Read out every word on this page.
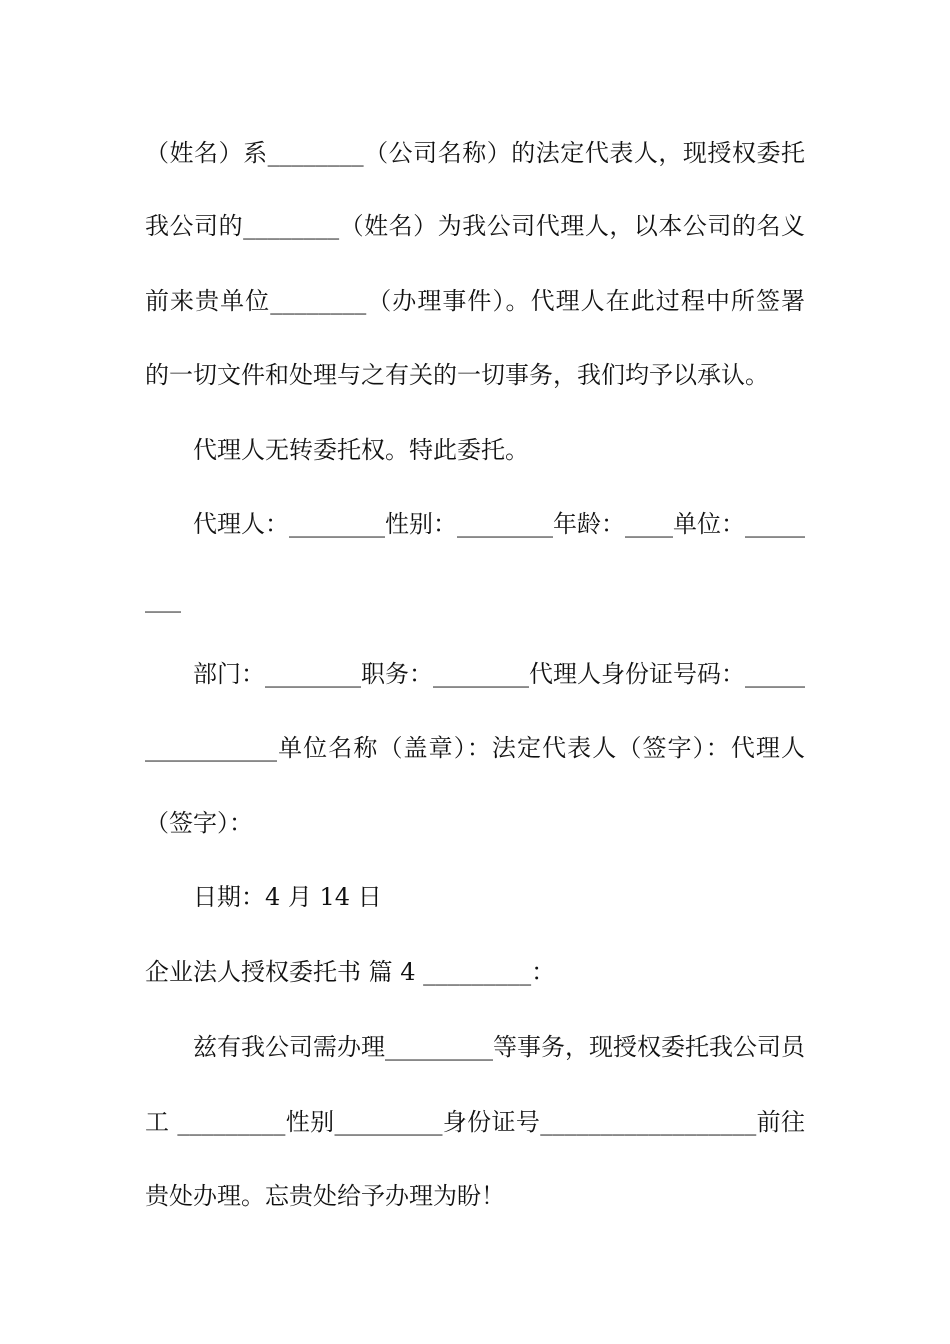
（姓名）系________（公司名称）的法定代表人，现授权委托
我公司的________（姓名）为我公司代理人，以本公司的名义
前来贵单位________（办理事件）。代理人在此过程中所签署
的一切文件和处理与之有关的一切事务，我们均予以承认。
代理人无转委托权。特此委托。
代理人：________性别：________年龄：____单位：_____
___
部门：________职务：________代理人身份证号码：_____
___________单位名称（盖章）：法定代表人（签字）：代理人
（签字）：
日期：4 月 14 日
企业法人授权委托书 篇 4 _________：
兹有我公司需办理_________等事务，现授权委托我公司员
工 _________性别_________身份证号__________________前往
贵处办理。忘贵处给予办理为盼！
